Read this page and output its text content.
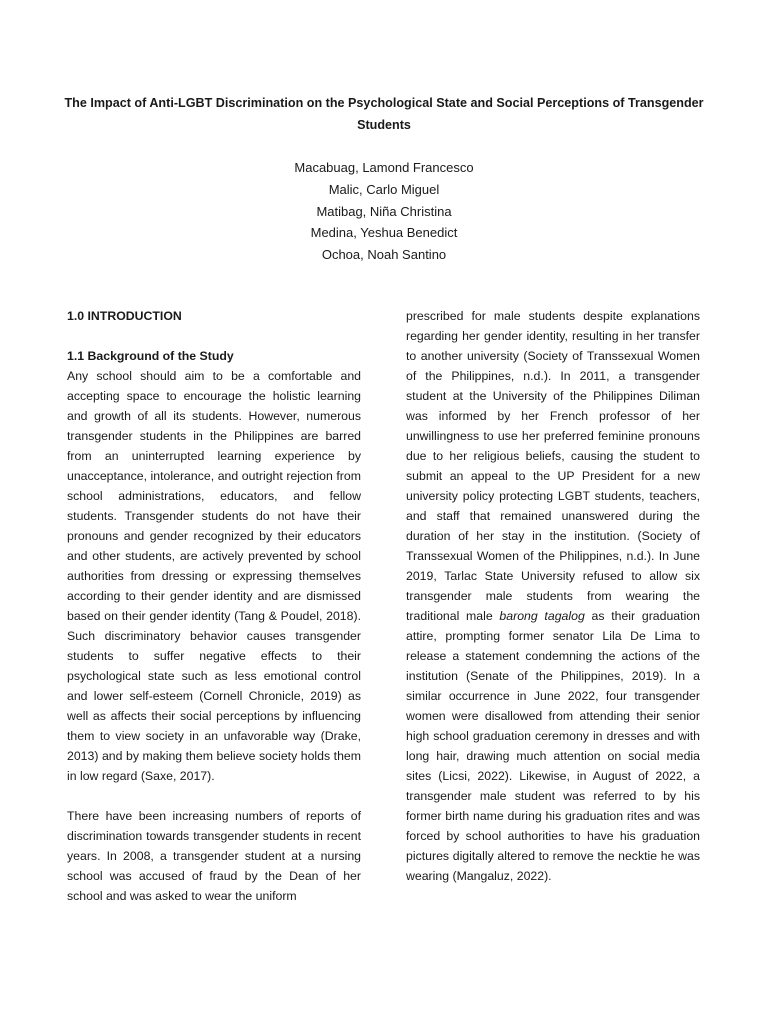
The Impact of Anti-LGBT Discrimination on the Psychological State and Social Perceptions of Transgender Students
Macabuag, Lamond Francesco
Malic, Carlo Miguel
Matibag, Niña Christina
Medina, Yeshua Benedict
Ochoa, Noah Santino
1.0 INTRODUCTION
1.1 Background of the Study

Any school should aim to be a comfortable and accepting space to encourage the holistic learning and growth of all its students. However, numerous transgender students in the Philippines are barred from an uninterrupted learning experience by unacceptance, intolerance, and outright rejection from school administrations, educators, and fellow students. Transgender students do not have their pronouns and gender recognized by their educators and other students, are actively prevented by school authorities from dressing or expressing themselves according to their gender identity and are dismissed based on their gender identity (Tang & Poudel, 2018). Such discriminatory behavior causes transgender students to suffer negative effects to their psychological state such as less emotional control and lower self-esteem (Cornell Chronicle, 2019) as well as affects their social perceptions by influencing them to view society in an unfavorable way (Drake, 2013) and by making them believe society holds them in low regard (Saxe, 2017).

There have been increasing numbers of reports of discrimination towards transgender students in recent years. In 2008, a transgender student at a nursing school was accused of fraud by the Dean of her school and was asked to wear the uniform

prescribed for male students despite explanations regarding her gender identity, resulting in her transfer to another university (Society of Transsexual Women of the Philippines, n.d.). In 2011, a transgender student at the University of the Philippines Diliman was informed by her French professor of her unwillingness to use her preferred feminine pronouns due to her religious beliefs, causing the student to submit an appeal to the UP President for a new university policy protecting LGBT students, teachers, and staff that remained unanswered during the duration of her stay in the institution. (Society of Transsexual Women of the Philippines, n.d.). In June 2019, Tarlac State University refused to allow six transgender male students from wearing the traditional male barong tagalog as their graduation attire, prompting former senator Lila De Lima to release a statement condemning the actions of the institution (Senate of the Philippines, 2019). In a similar occurrence in June 2022, four transgender women were disallowed from attending their senior high school graduation ceremony in dresses and with long hair, drawing much attention on social media sites (Licsi, 2022). Likewise, in August of 2022, a transgender male student was referred to by his former birth name during his graduation rites and was forced by school authorities to have his graduation pictures digitally altered to remove the necktie he was wearing (Mangaluz, 2022).
